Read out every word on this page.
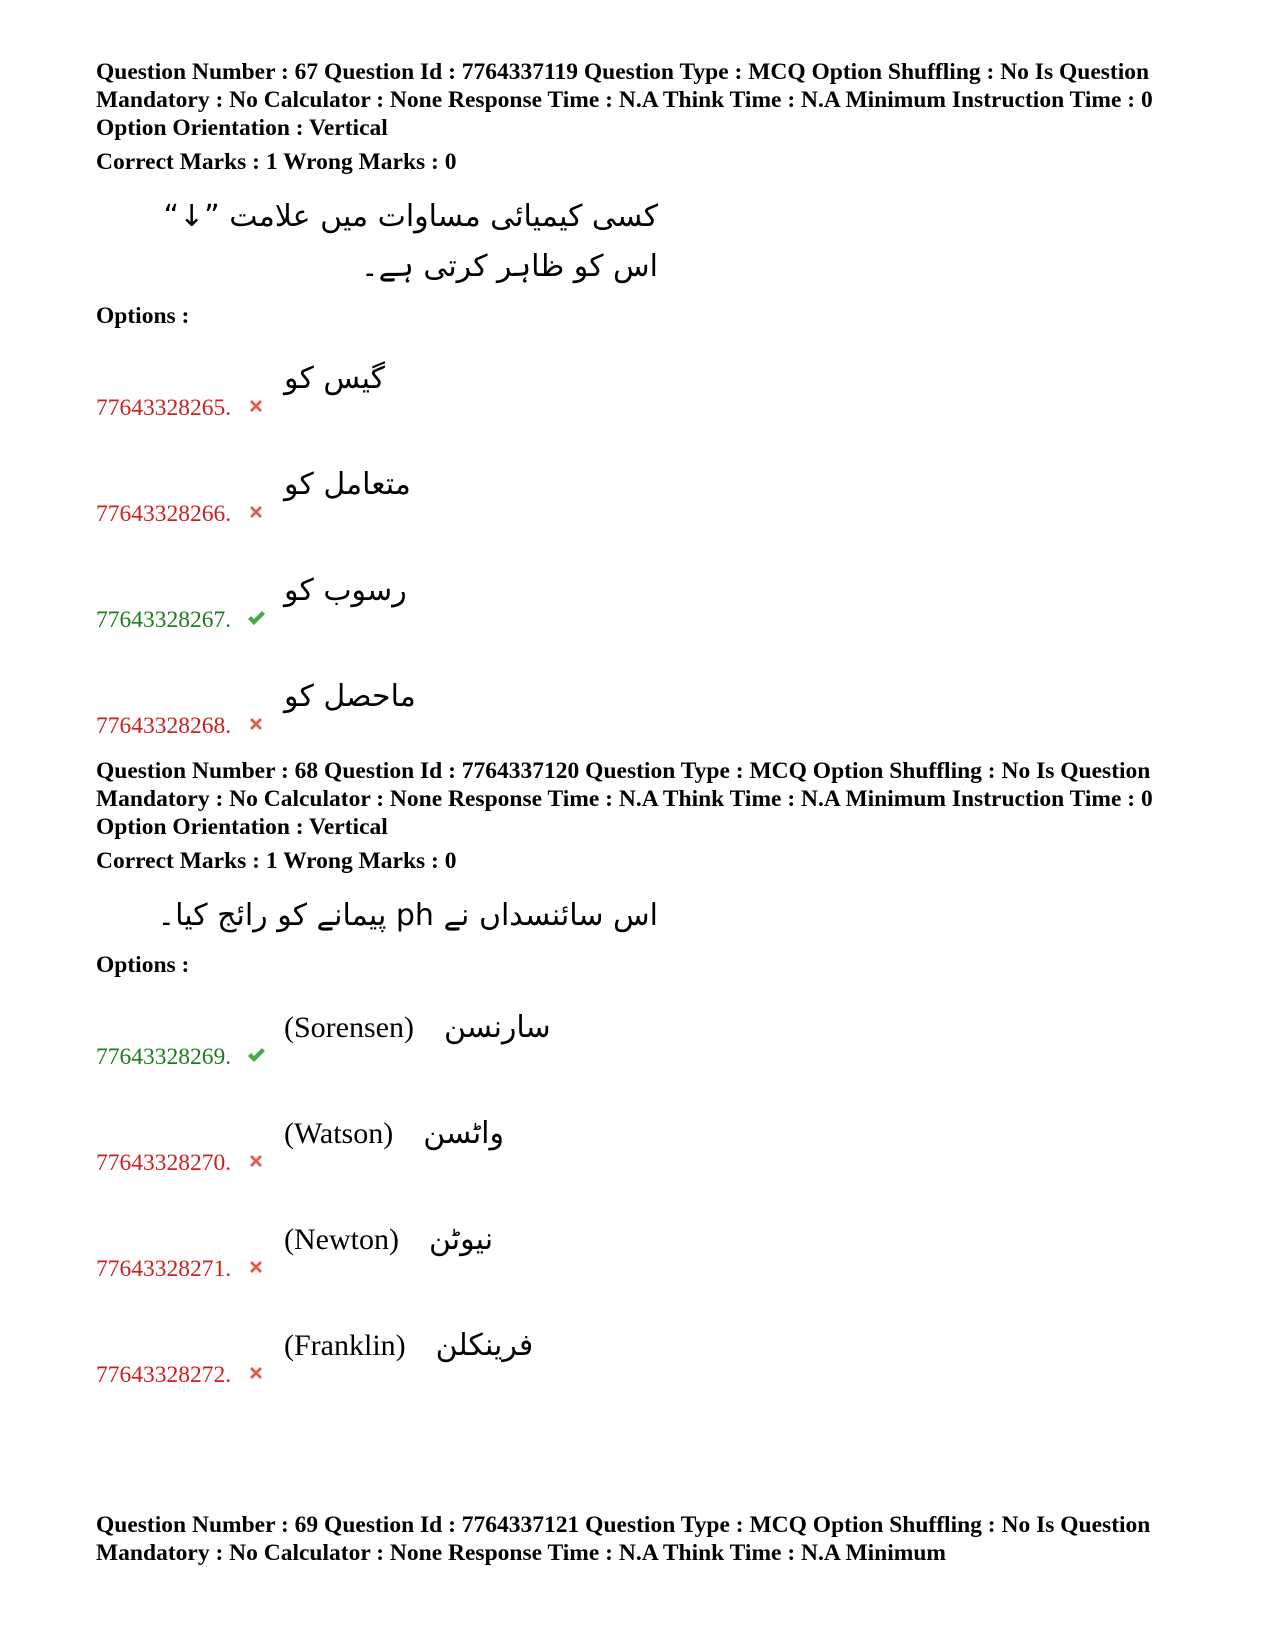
Question Number : 67 Question Id : 7764337119 Question Type : MCQ Option Shuffling : No Is Question Mandatory : No Calculator : None Response Time : N.A Think Time : N.A Minimum Instruction Time : 0 Option Orientation : Vertical

Correct Marks : 1 Wrong Marks : 0

کسی کیمیائی مساوات میں علامت ”↓“ اس کو ظاہر کرتی ہے۔

Options :

77643328265.
گیس کو
77643328266.
متعامل کو
77643328267.
رسوب کو
77643328268.
ماحصل کو

Question Number : 68 Question Id : 7764337120 Question Type : MCQ Option Shuffling : No Is Question Mandatory : No Calculator : None Response Time : N.A Think Time : N.A Minimum Instruction Time : 0 Option Orientation : Vertical

Correct Marks : 1 Wrong Marks : 0

اس سائنسداں نے ph پیمانے کو رائج کیا۔

Options :

77643328269.
(Sorensen) سارنسن
77643328270.
(Watson) واٹسن
77643328271.
(Newton) نیوٹن
77643328272.
(Franklin) فرینکلن

Question Number : 69 Question Id : 7764337121 Question Type : MCQ Option Shuffling : No Is Question Mandatory : No Calculator : None Response Time : N.A Think Time : N.A Minimum
